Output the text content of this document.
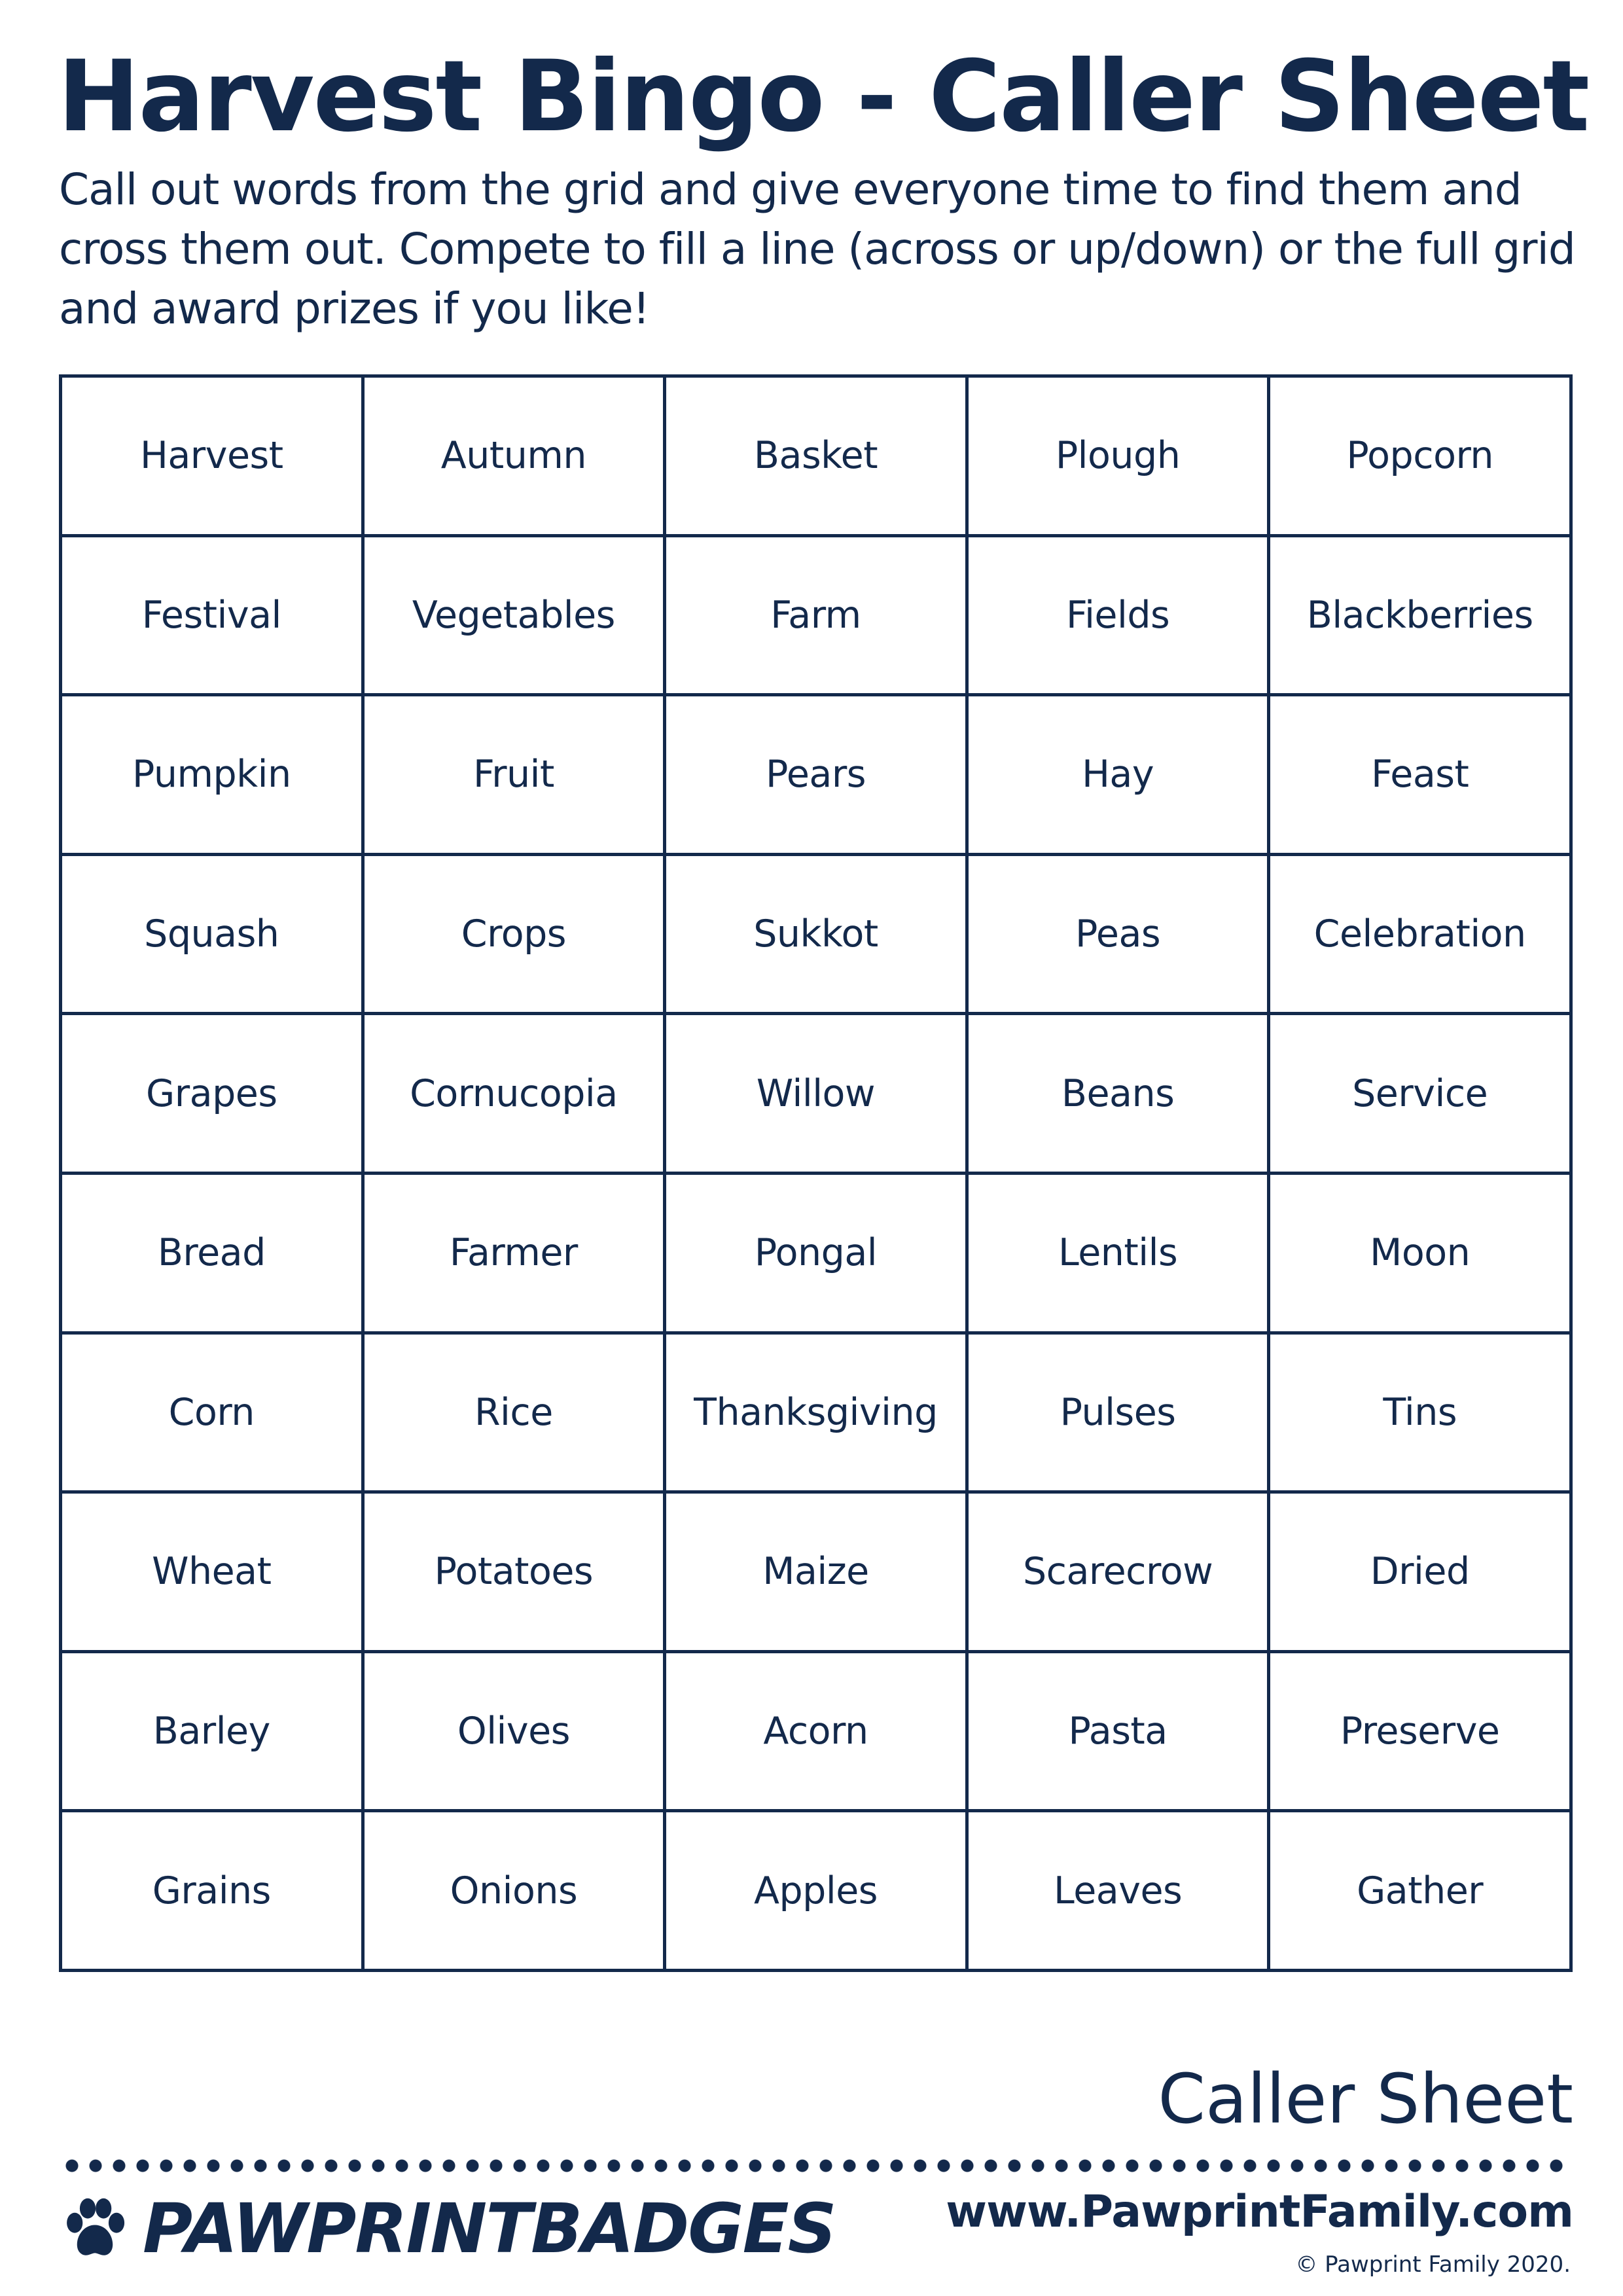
Harvest Bingo - Caller Sheet

Call out words from the grid and give everyone time to find them and cross them out. Compete to fill a line (across or up/down) or the full grid and award prizes if you like!

Harvest	Autumn	Basket	Plough	Popcorn
Festival	Vegetables	Farm	Fields	Blackberries
Pumpkin	Fruit	Pears	Hay	Feast
Squash	Crops	Sukkot	Peas	Celebration
Grapes	Cornucopia	Willow	Beans	Service
Bread	Farmer	Pongal	Lentils	Moon
Corn	Rice	Thanksgiving	Pulses	Tins
Wheat	Potatoes	Maize	Scarecrow	Dried
Barley	Olives	Acorn	Pasta	Preserve
Grains	Onions	Apples	Leaves	Gather
Caller Sheet
PAWPRINTBADGES www.PawprintFamily.com
© Pawprint Family 2020.
